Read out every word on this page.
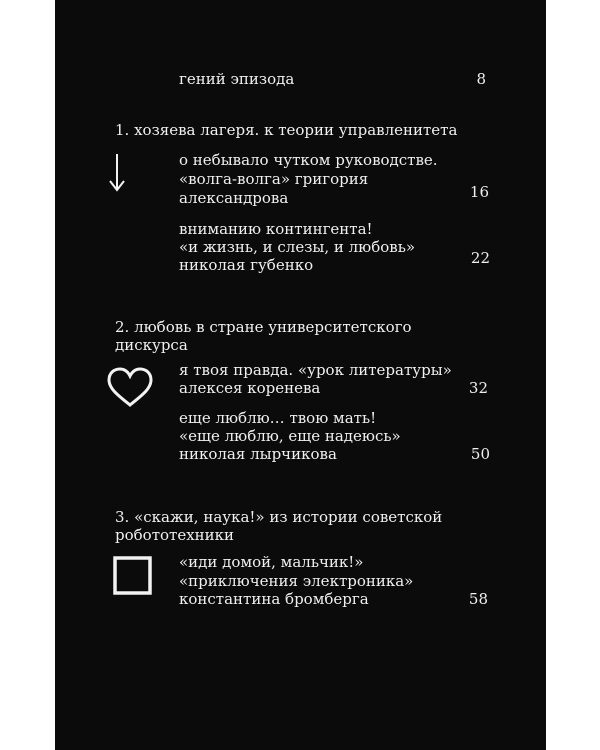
гений эпизода	8
1. хозяева лагеря. к теории управленитета
о небывало чутком руководстве.
«волга-волга» григория
александрова	16
вниманию контингента!
«и жизнь, и слезы, и любовь»
николая губенко	22
2. любовь в стране университетского
дискурса
я твоя правда. «урок литературы»
алексея коренева	32
еще люблю… твою мать!
«еще люблю, еще надеюсь»
николая лырчикова	50
3. «скажи, наука!» из истории советской
робототехники
«иди домой, мальчик!»
«приключения электроника»
константина бромберга	58
